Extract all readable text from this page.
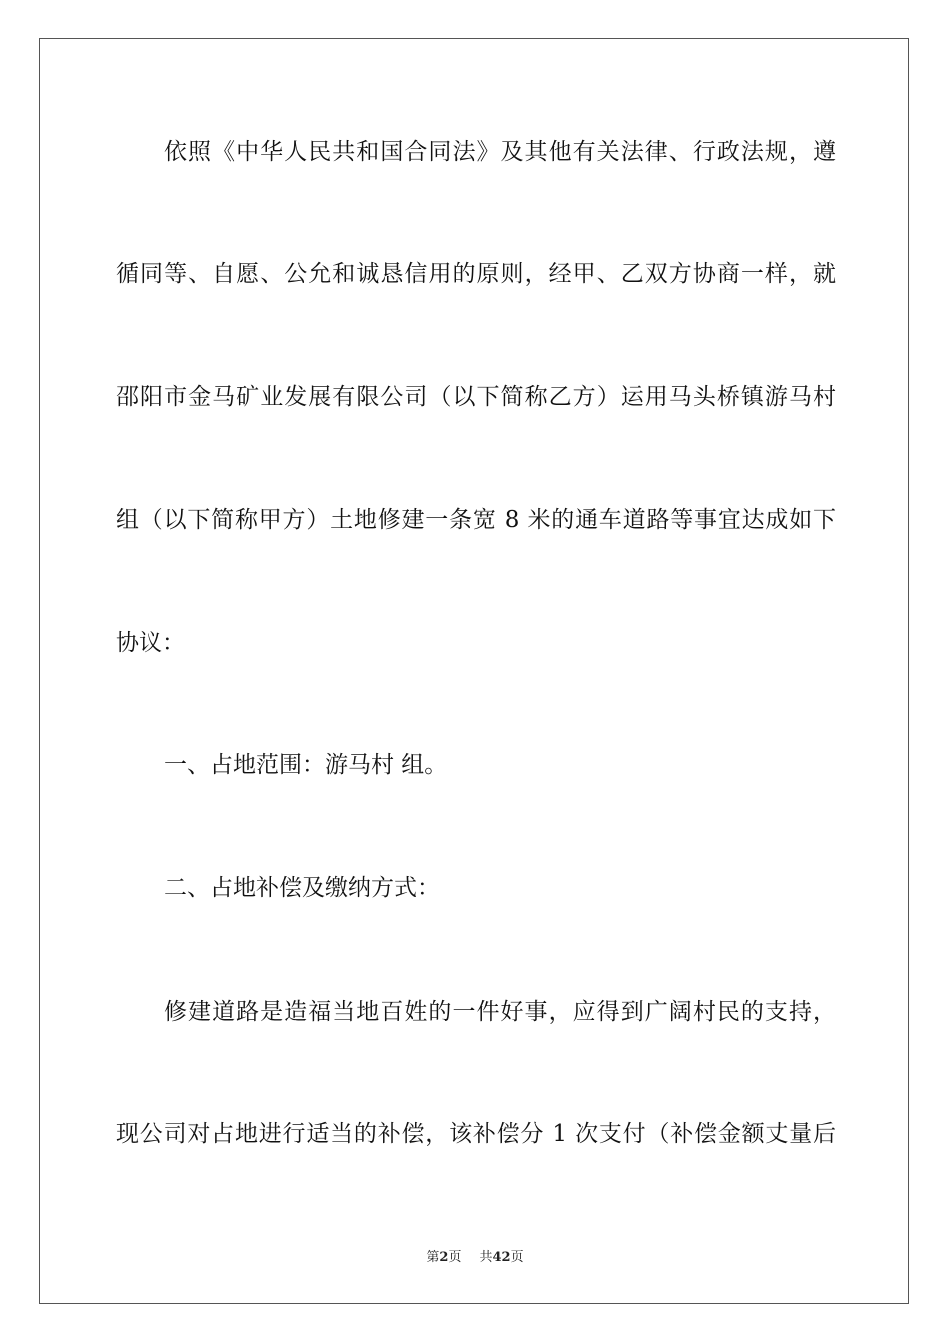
依照《中华人民共和国合同法》及其他有关法律、行政法规，遵
循同等、自愿、公允和诚恳信用的原则，经甲、乙双方协商一样，就
邵阳市金马矿业发展有限公司（以下简称乙方）运用马头桥镇游马村
组（以下简称甲方）土地修建一条宽 8 米的通车道路等事宜达成如下
协议：
一、占地范围：游马村 组。
二、占地补偿及缴纳方式：
修建道路是造福当地百姓的一件好事，应得到广阔村民的支持，
现公司对占地进行适当的补偿，该补偿分 1 次支付（补偿金额丈量后
第2页 共42页
